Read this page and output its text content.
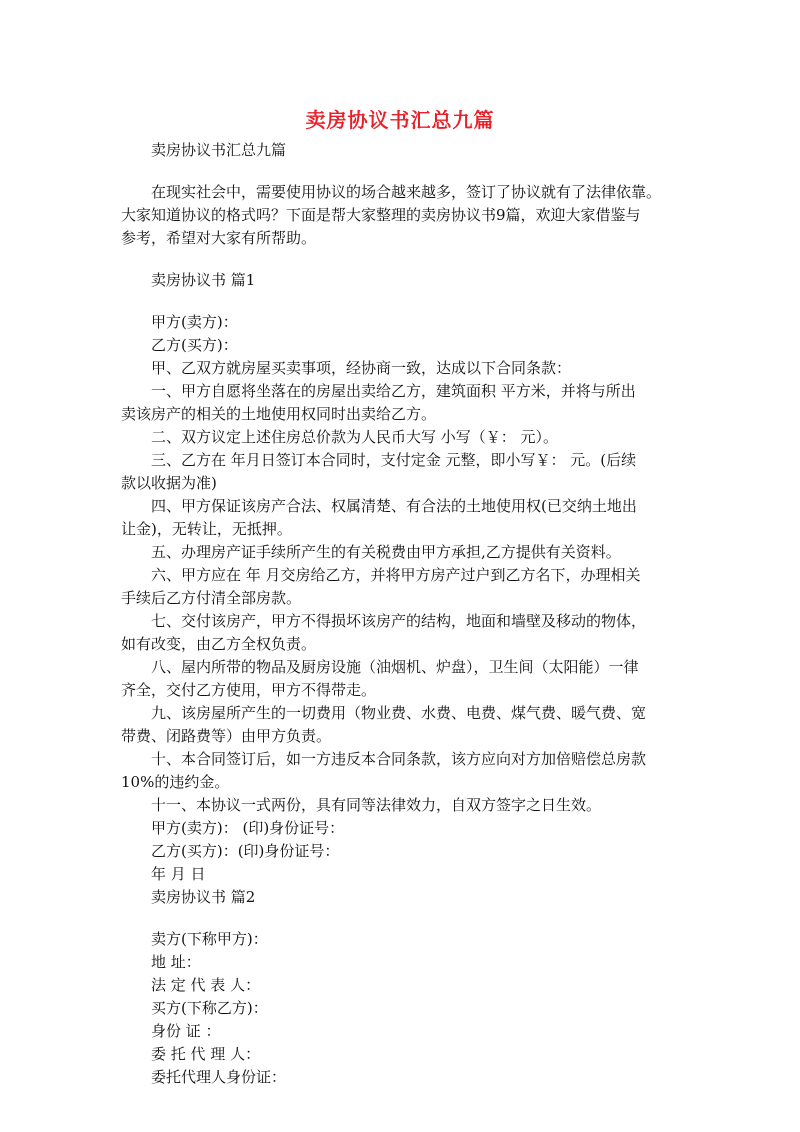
卖房协议书汇总九篇
卖房协议书汇总九篇
在现实社会中，需要使用协议的场合越来越多，签订了协议就有了法律依靠。
大家知道协议的格式吗？下面是帮大家整理的卖房协议书9篇，欢迎大家借鉴与
参考，希望对大家有所帮助。
卖房协议书 篇1
甲方(卖方)：
乙方(买方)：
甲、乙双方就房屋买卖事项，经协商一致，达成以下合同条款：
一、甲方自愿将坐落在的房屋出卖给乙方，建筑面积 平方米，并将与所出
卖该房产的相关的土地使用权同时出卖给乙方。
二、双方议定上述住房总价款为人民币大写 小写（￥： 元）。
三、乙方在 年月日签订本合同时，支付定金 元整，即小写￥： 元。(后续
款以收据为准)
四、甲方保证该房产合法、权属清楚、有合法的土地使用权(已交纳土地出
让金)，无转让，无抵押。
五、办理房产证手续所产生的有关税费由甲方承担,乙方提供有关资料。
六、甲方应在 年 月交房给乙方，并将甲方房产过户到乙方名下，办理相关
手续后乙方付清全部房款。
七、交付该房产，甲方不得损坏该房产的结构，地面和墙壁及移动的物体，
如有改变，由乙方全权负责。
八、屋内所带的物品及厨房设施（油烟机、炉盘），卫生间（太阳能）一律
齐全，交付乙方使用，甲方不得带走。
九、该房屋所产生的一切费用（物业费、水费、电费、煤气费、暖气费、宽
带费、闭路费等）由甲方负责。
十、本合同签订后，如一方违反本合同条款，该方应向对方加倍赔偿总房款
10%的违约金。
十一、本协议一式两份，具有同等法律效力，自双方签字之日生效。
甲方(卖方)： (印)身份证号：
乙方(买方)：(印)身份证号：
年 月 日
卖房协议书 篇2
卖方(下称甲方)：
地 址：
法 定 代 表 人：
买方(下称乙方)：
身份 证 ：
委 托 代 理 人：
委托代理人身份证：
